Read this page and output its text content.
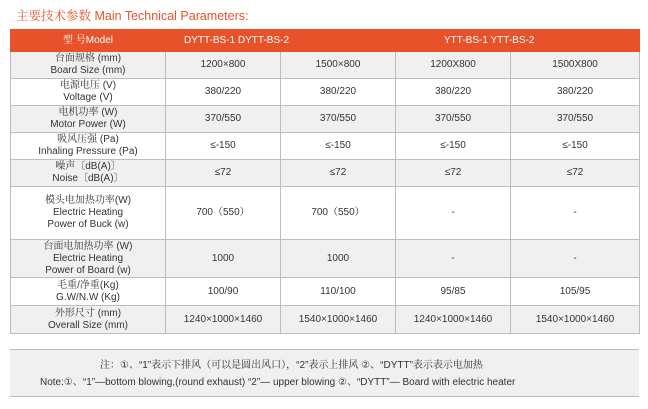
主要技术参数 Main Technical Parameters:
型 号Model	DYTT-BS-1 DYTT-BS-2		YTT-BS-1 YTT-BS-2	

台面规格 (mm)
Board Size (mm)	1200×800	1500×800	1200X800	1500X800

电源电压 (V)
Voltage (V)	380/220	380/220	380/220	380/220

电机功率 (W)
Motor Power (W)	370/550	370/550	370/550	370/550

吸风压强 (Pa)
Inhaling Pressure (Pa)	≤-150	≤-150	≤-150	≤-150

噪声〔dB(A)〕
Noise〔dB(A)〕	≤72	≤72	≤72	≤72

模头电加热功率(W)
Electric Heating
Power of Buck (w)	700（550）	700（550）	-	-

台面电加热功率 (W)
Electric Heating
Power of Board (w)	1000	1000	-	-

毛重/净重(Kg)
G.W/N.W (Kg)	100/90	110/100	95/85	105/95

外形尺寸 (mm)
Overall Size (mm)	1240×1000×1460	1540×1000×1460	1240×1000×1460	1540×1000×1460
注：①、“1”表示下排风（可以是圆出风口），“2”表示上排风 ②、“DYTT”表示表示电加热
Note:①、“1”—bottom blowing,(round exhaust) “2”— upper blowing ②、“DYTT”— Board with electric heater
